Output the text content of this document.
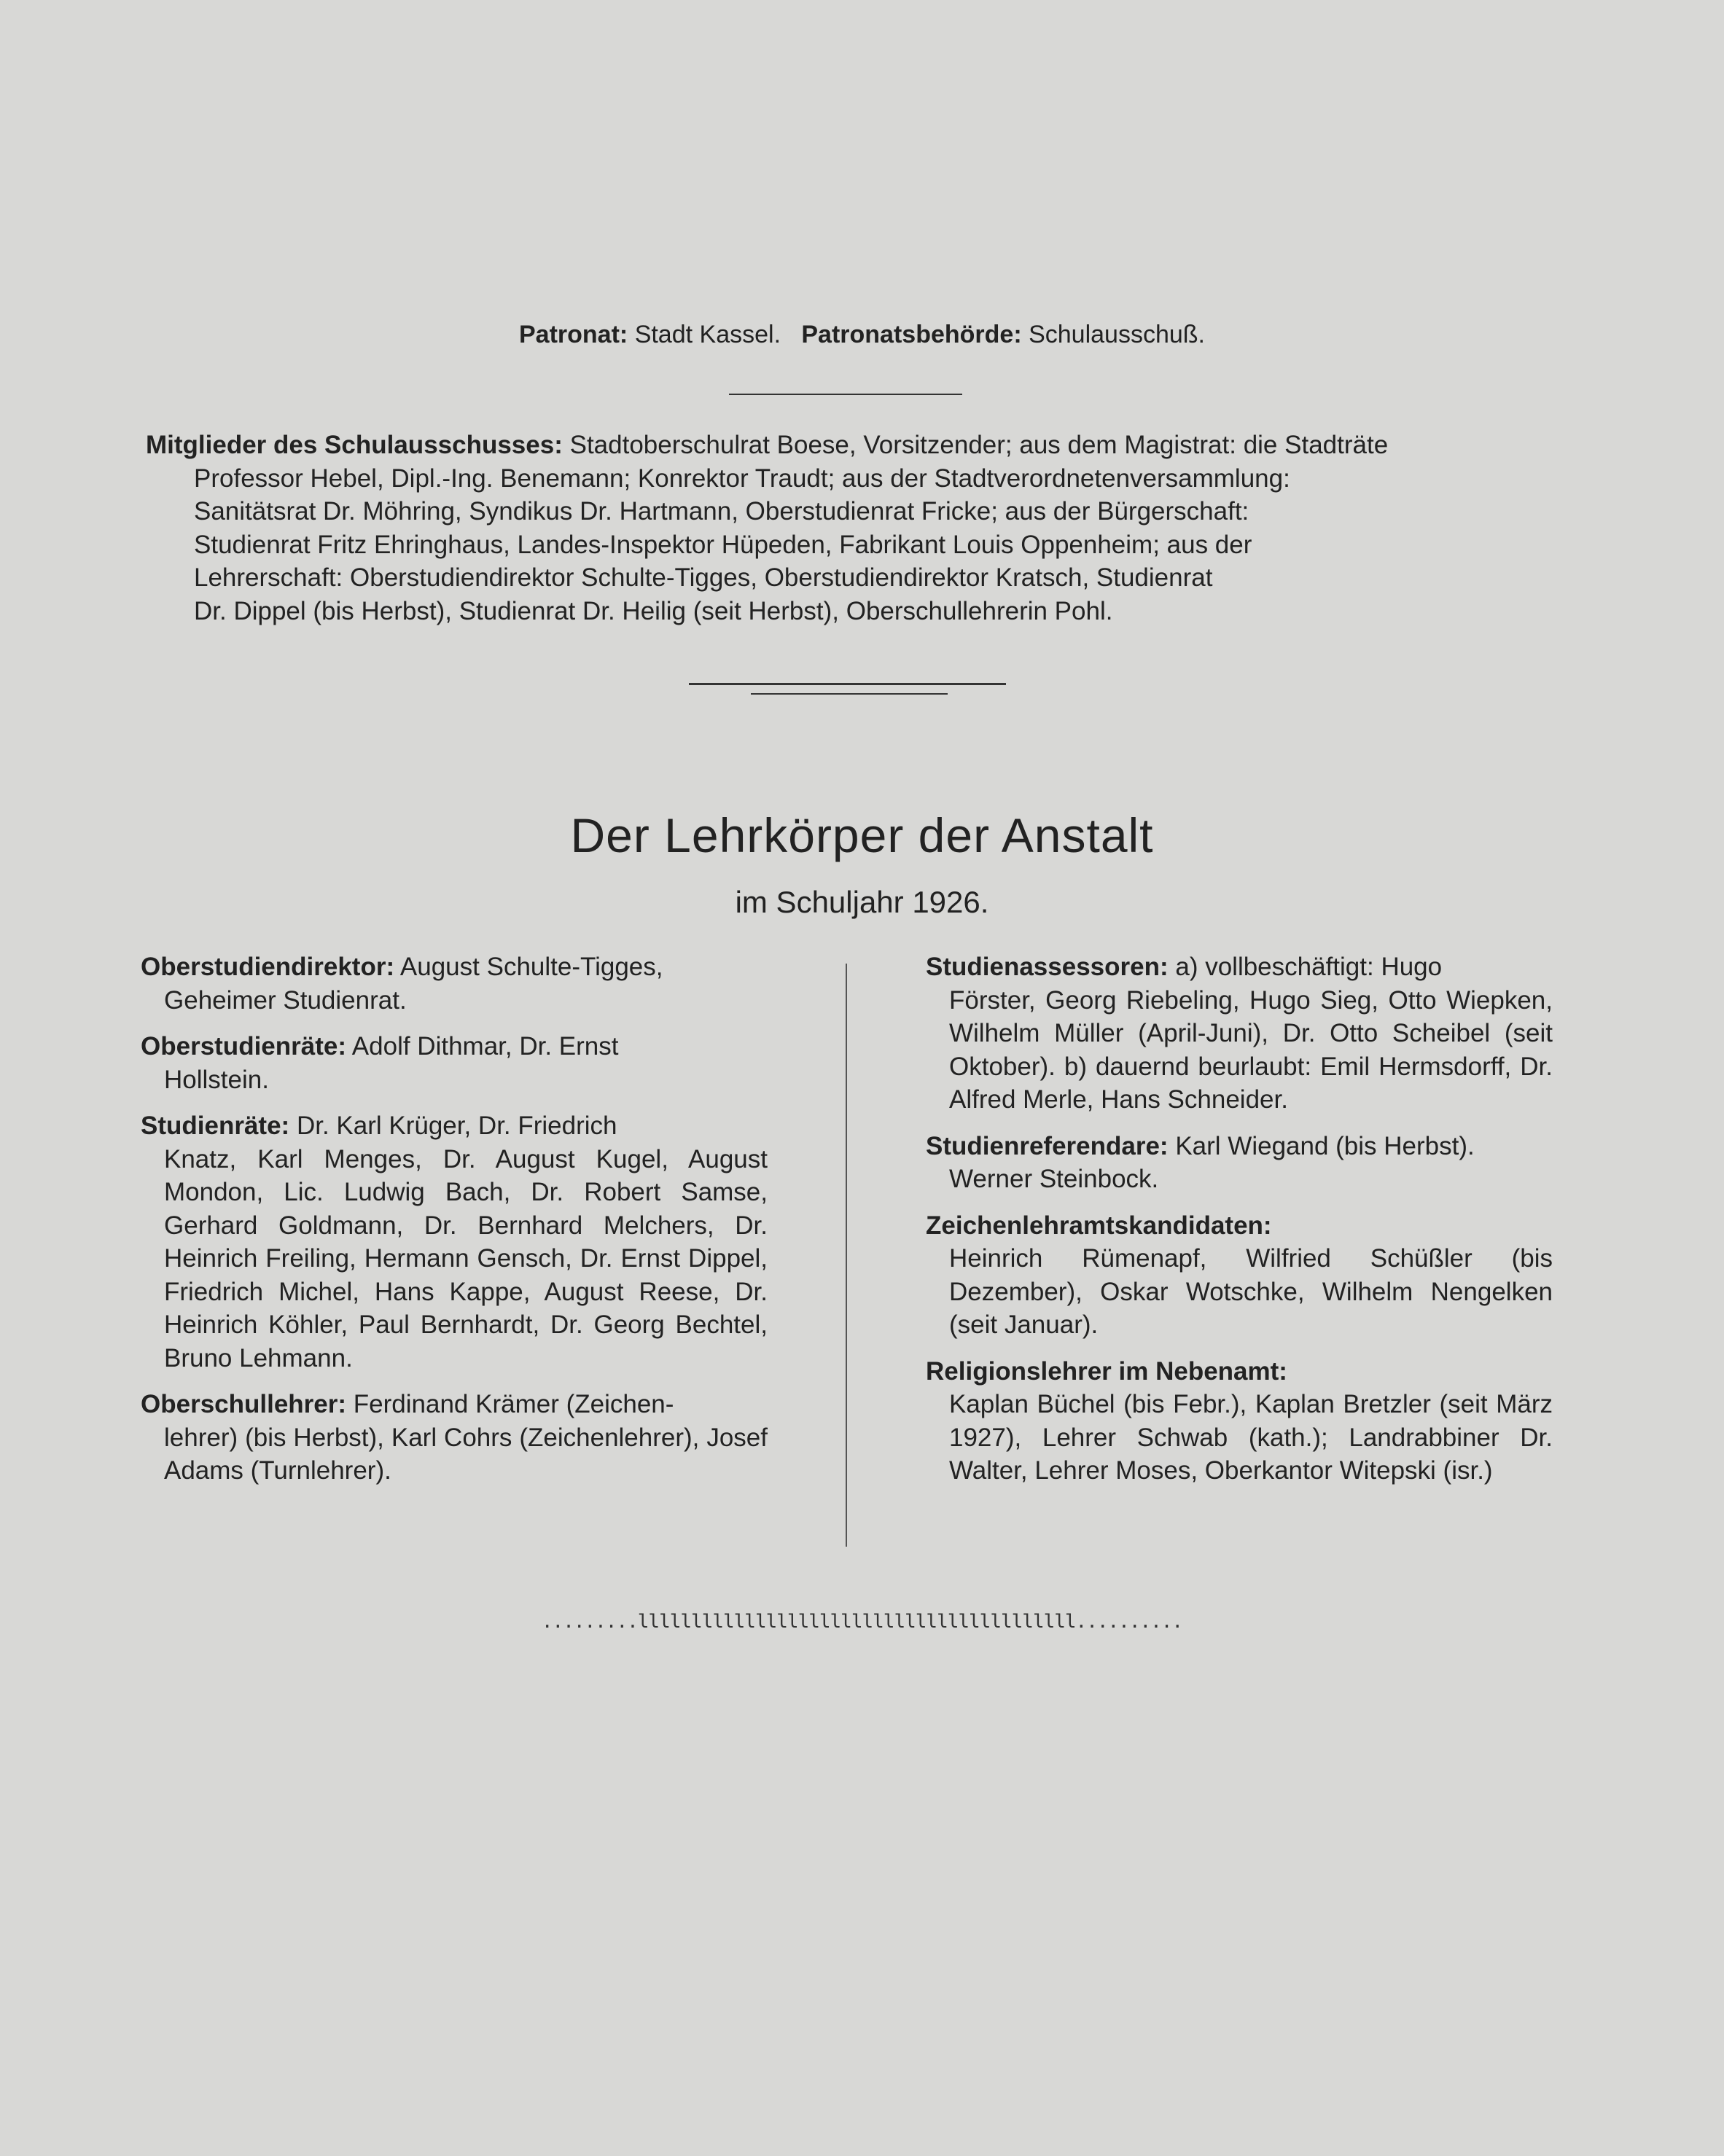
Patronat: Stadt Kassel. Patronatsbehörde: Schulausschuß.
Mitglieder des Schulausschusses: Stadtoberschulrat Boese, Vorsitzender; aus dem Magistrat: die Stadträte
Professor Hebel, Dipl.-Ing. Benemann; Konrektor Traudt; aus der Stadtverordnetenversammlung:
Sanitätsrat Dr. Möhring, Syndikus Dr. Hartmann, Oberstudienrat Fricke; aus der Bürgerschaft:
Studienrat Fritz Ehringhaus, Landes-Inspektor Hüpeden, Fabrikant Louis Oppenheim; aus der
Lehrerschaft: Oberstudiendirektor Schulte-Tigges, Oberstudiendirektor Kratsch, Studienrat
Dr. Dippel (bis Herbst), Studienrat Dr. Heilig (seit Herbst), Oberschullehrerin Pohl.
Der Lehrkörper der Anstalt
im Schuljahr 1926.
Oberstudiendirektor: August Schulte-Tigges,
Geheimer Studienrat.
Oberstudienräte: Adolf Dithmar, Dr. Ernst
Hollstein.
Studienräte: Dr. Karl Krüger, Dr. Friedrich
Knatz, Karl Menges, Dr. August Kugel, August Mondon, Lic. Ludwig Bach, Dr. Robert Samse, Gerhard Goldmann, Dr. Bernhard Melchers, Dr. Heinrich Freiling, Hermann Gensch, Dr. Ernst Dippel, Friedrich Michel, Hans Kappe, August Reese, Dr. Heinrich Köhler, Paul Bernhardt, Dr. Georg Bechtel, Bruno Lehmann.
Oberschullehrer: Ferdinand Krämer (Zeichen-
lehrer) (bis Herbst), Karl Cohrs (Zeichenlehrer), Josef Adams (Turnlehrer).
Studienassessoren: a) vollbeschäftigt: Hugo
Förster, Georg Riebeling, Hugo Sieg, Otto Wiepken, Wilhelm Müller (April-Juni), Dr. Otto Scheibel (seit Oktober). b) dauernd beurlaubt: Emil Hermsdorff, Dr. Alfred Merle, Hans Schneider.
Studienreferendare: Karl Wiegand (bis Herbst).
Werner Steinbock.
Zeichenlehramtskandidaten:
Heinrich Rümenapf, Wilfried Schüßler (bis Dezember), Oskar Wotschke, Wilhelm Nengelken (seit Januar).
Religionslehrer im Nebenamt:
Kaplan Büchel (bis Febr.), Kaplan Bretzler (seit März 1927), Lehrer Schwab (kath.); Landrabbiner Dr. Walter, Lehrer Moses, Oberkantor Witepski (isr.)
.........lllllllllllllllllllllllllllllllllllllllll..........
